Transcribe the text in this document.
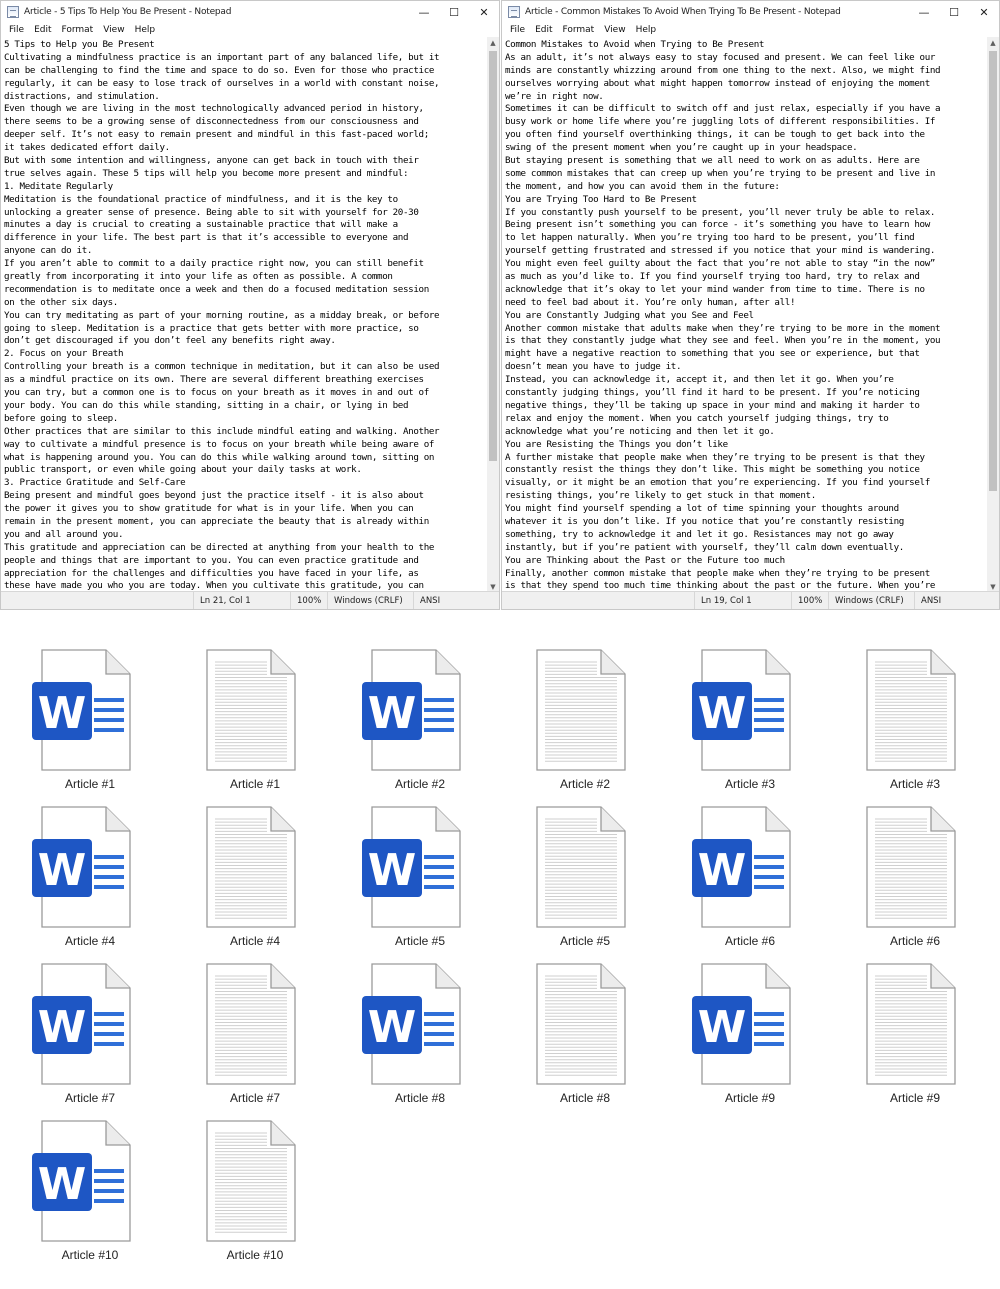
Article - 5 Tips To Help You Be Present - Notepad	—	☐	✕
File	Edit	Format	View	Help
5 Tips to Help you Be Present
Cultivating a mindfulness practice is an important part of any balanced life, but it
can be challenging to find the time and space to do so. Even for those who practice
regularly, it can be easy to lose track of ourselves in a world with constant noise,
distractions, and stimulation.
Even though we are living in the most technologically advanced period in history,
there seems to be a growing sense of disconnectedness from our consciousness and
deeper self. It’s not easy to remain present and mindful in this fast-paced world;
it takes dedicated effort daily.
But with some intention and willingness, anyone can get back in touch with their
true selves again. These 5 tips will help you become more present and mindful:
1. Meditate Regularly
Meditation is the foundational practice of mindfulness, and it is the key to
unlocking a greater sense of presence. Being able to sit with yourself for 20-30
minutes a day is crucial to creating a sustainable practice that will make a
difference in your life. The best part is that it’s accessible to everyone and
anyone can do it.
If you aren’t able to commit to a daily practice right now, you can still benefit
greatly from incorporating it into your life as often as possible. A common
recommendation is to meditate once a week and then do a focused meditation session
on the other six days.
You can try meditating as part of your morning routine, as a midday break, or before
going to sleep. Meditation is a practice that gets better with more practice, so
don’t get discouraged if you don’t feel any benefits right away.
2. Focus on your Breath
Controlling your breath is a common technique in meditation, but it can also be used
as a mindful practice on its own. There are several different breathing exercises
you can try, but a common one is to focus on your breath as it moves in and out of
your body. You can do this while standing, sitting in a chair, or lying in bed
before going to sleep.
Other practices that are similar to this include mindful eating and walking. Another
way to cultivate a mindful presence is to focus on your breath while being aware of
what is happening around you. You can do this while walking around town, sitting on
public transport, or even while going about your daily tasks at work.
3. Practice Gratitude and Self-Care
Being present and mindful goes beyond just the practice itself - it is also about
the power it gives you to show gratitude for what is in your life. When you can
remain in the present moment, you can appreciate the beauty that is already within
you and all around you.
This gratitude and appreciation can be directed at anything from your health to the
people and things that are important to you. You can even practice gratitude and
appreciation for the challenges and difficulties you have faced in your life, as
these have made you who you are today. When you cultivate this gratitude, you can
▲
▼
Ln 21, Col 1	100%	Windows (CRLF)	ANSI
Article - Common Mistakes To Avoid When Trying To Be Present - Notepad	—	☐	✕
File	Edit	Format	View	Help
Common Mistakes to Avoid when Trying to Be Present
As an adult, it’s not always easy to stay focused and present. We can feel like our
minds are constantly whizzing around from one thing to the next. Also, we might find
ourselves worrying about what might happen tomorrow instead of enjoying the moment
we’re in right now.
Sometimes it can be difficult to switch off and just relax, especially if you have a
busy work or home life where you’re juggling lots of different responsibilities. If
you often find yourself overthinking things, it can be tough to get back into the
swing of the present moment when you’re caught up in your headspace.
But staying present is something that we all need to work on as adults. Here are
some common mistakes that can creep up when you’re trying to be present and live in
the moment, and how you can avoid them in the future:
You are Trying Too Hard to Be Present
If you constantly push yourself to be present, you’ll never truly be able to relax.
Being present isn’t something you can force - it’s something you have to learn how
to let happen naturally. When you’re trying too hard to be present, you’ll find
yourself getting frustrated and stressed if you notice that your mind is wandering.
You might even feel guilty about the fact that you’re not able to stay “in the now”
as much as you’d like to. If you find yourself trying too hard, try to relax and
acknowledge that it’s okay to let your mind wander from time to time. There is no
need to feel bad about it. You’re only human, after all!
You are Constantly Judging what you See and Feel
Another common mistake that adults make when they’re trying to be more in the moment
is that they constantly judge what they see and feel. When you’re in the moment, you
might have a negative reaction to something that you see or experience, but that
doesn’t mean you have to judge it.
Instead, you can acknowledge it, accept it, and then let it go. When you’re
constantly judging things, you’ll find it hard to be present. If you’re noticing
negative things, they’ll be taking up space in your mind and making it harder to
relax and enjoy the moment. When you catch yourself judging things, try to
acknowledge what you’re noticing and then let it go.
You are Resisting the Things you don’t like
A further mistake that people make when they’re trying to be present is that they
constantly resist the things they don’t like. This might be something you notice
visually, or it might be an emotion that you’re experiencing. If you find yourself
resisting things, you’re likely to get stuck in that moment.
You might find yourself spending a lot of time spinning your thoughts around
whatever it is you don’t like. If you notice that you’re constantly resisting
something, try to acknowledge it and let it go. Resistances may not go away
instantly, but if you’re patient with yourself, they’ll calm down eventually.
You are Thinking about the Past or the Future too much
Finally, another common mistake that people make when they’re trying to be present
is that they spend too much time thinking about the past or the future. When you’re
▲
▼
Ln 19, Col 1	100%	Windows (CRLF)	ANSI
W
Article #1	Article #1
W
Article #2	Article #2
W
Article #3	Article #3
W
Article #4	Article #4
W
Article #5	Article #5
W
Article #6	Article #6
W
Article #7	Article #7
W
Article #8	Article #8
W
Article #9	Article #9
W
Article #10	Article #10
